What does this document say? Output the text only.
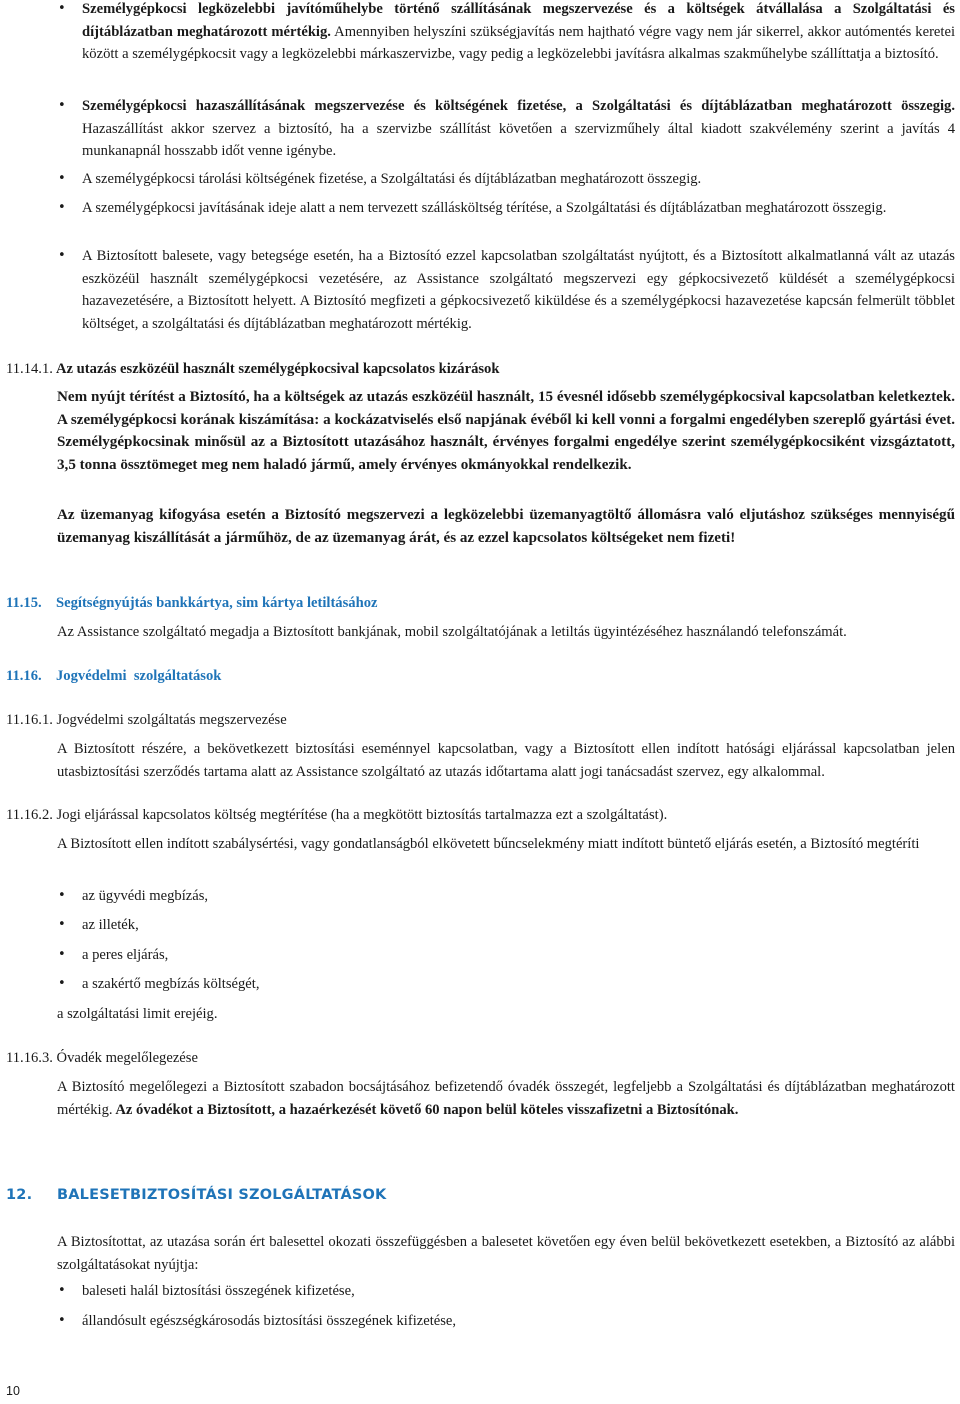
• Személygépkocsi legközelebbi javítóműhelybe történő szállításának megszervezése és a költségek átvállalása a Szolgáltatási és díjtáblázatban meghatározott mértékig. Amennyiben helyszíni szükségjavítás nem hajtható végre vagy nem jár sikerrel, akkor autómentés keretei között a személygépkocsit vagy a legközelebbi márkaszervizbe, vagy pedig a legközelebbi javításra alkalmas szakműhelybe szállíttatja a biztosító.

• Személygépkocsi hazaszállításának megszervezése és költségének fizetése, a Szolgáltatási és díjtáblázatban meghatározott összegig. Hazaszállítást akkor szervez a biztosító, ha a szervizbe szállítást követően a szervizműhely által kiadott szakvélemény szerint a javítás 4 munkanapnál hosszabb időt venne igénybe.

• A személygépkocsi tárolási költségének fizetése, a Szolgáltatási és díjtáblázatban meghatározott összegig.

• A személygépkocsi javításának ideje alatt a nem tervezett szállásköltség térítése, a Szolgáltatási és díjtáblázatban meghatározott összegig.

• A Biztosított balesete, vagy betegsége esetén, ha a Biztosító ezzel kapcsolatban szolgáltatást nyújtott, és a Biztosított alkalmatlanná vált az utazás eszközéül használt személygépkocsi vezetésére, az Assistance szolgáltató megszervezi egy gépkocsivezető küldését a személygépkocsi hazavezetésére, a Biztosított helyett. A Biztosító megfizeti a gépkocsivezető kiküldése és a személygépkocsi hazavezetése kapcsán felmerült többlet költséget, a szolgáltatási és díjtáblázatban meghatározott mértékig.

11.14.1. Az utazás eszközéül használt személygépkocsival kapcsolatos kizárások

Nem nyújt térítést a Biztosító, ha a költségek az utazás eszközéül használt, 15 évesnél idősebb személygépkocsival kapcsolatban keletkeztek. A személygépkocsi korának kiszámítása: a kockázatviselés első napjának évéből ki kell vonni a forgalmi engedélyben szereplő gyártási évet. Személygépkocsinak minősül az a Biztosított utazásához használt, érvényes forgalmi engedélye szerint személygépkocsiként vizsgáztatott, 3,5 tonna össztömeget meg nem haladó jármű, amely érvényes okmányokkal rendelkezik.

Az üzemanyag kifogyása esetén a Biztosító megszervezi a legközelebbi üzemanyagtöltő állomásra való eljutáshoz szükséges mennyiségű üzemanyag kiszállítását a járműhöz, de az üzemanyag árát, és az ezzel kapcsolatos költségeket nem fizeti!

11.15. Segítségnyújtás bankkártya, sim kártya letiltásához

Az Assistance szolgáltató megadja a Biztosított bankjának, mobil szolgáltatójának a letiltás ügyintézéséhez használandó telefonszámát.

11.16. Jogvédelmi  szolgáltatások
11.16.1. Jogvédelmi szolgáltatás megszervezése

A Biztosított részére, a bekövetkezett biztosítási eseménnyel kapcsolatban, vagy a Biztosított ellen indított hatósági eljárással kapcsolatban jelen utasbiztosítási szerződés tartama alatt az Assistance szolgáltató az utazás időtartama alatt jogi tanácsadást szervez, egy alkalommal.

11.16.2. Jogi eljárással kapcsolatos költség megtérítése (ha a megkötött biztosítás tartalmazza ezt a szolgáltatást).

A Biztosított ellen indított szabálysértési, vagy gondatlanságból elkövetett bűncselekmény miatt indított büntető eljárás esetén, a Biztosító megtéríti

• az ügyvédi megbízás,

• az illeték,

• a peres eljárás,

• a szakértő megbízás költségét,

a szolgáltatási limit erejéig.

11.16.3. Óvadék megelőlegezése

A Biztosító megelőlegezi a Biztosított szabadon bocsájtásához befizetendő óvadék összegét, legfeljebb a Szolgáltatási és díjtáblázatban meghatározott mértékig. Az óvadékot a Biztosított, a hazaérkezését követő 60 napon belül köteles visszafizetni a Biztosítónak.

12. BALESETBIZTOSÍTÁSI SZOLGÁLTATÁSOK

A Biztosítottat, az utazása során ért balesettel okozati összefüggésben a balesetet követően egy éven belül bekövetkezett esetekben, a Biztosító az alábbi szolgáltatásokat nyújtja:

• baleseti halál biztosítási összegének kifizetése,

• állandósult egészségkárosodás biztosítási összegének kifizetése,

10
